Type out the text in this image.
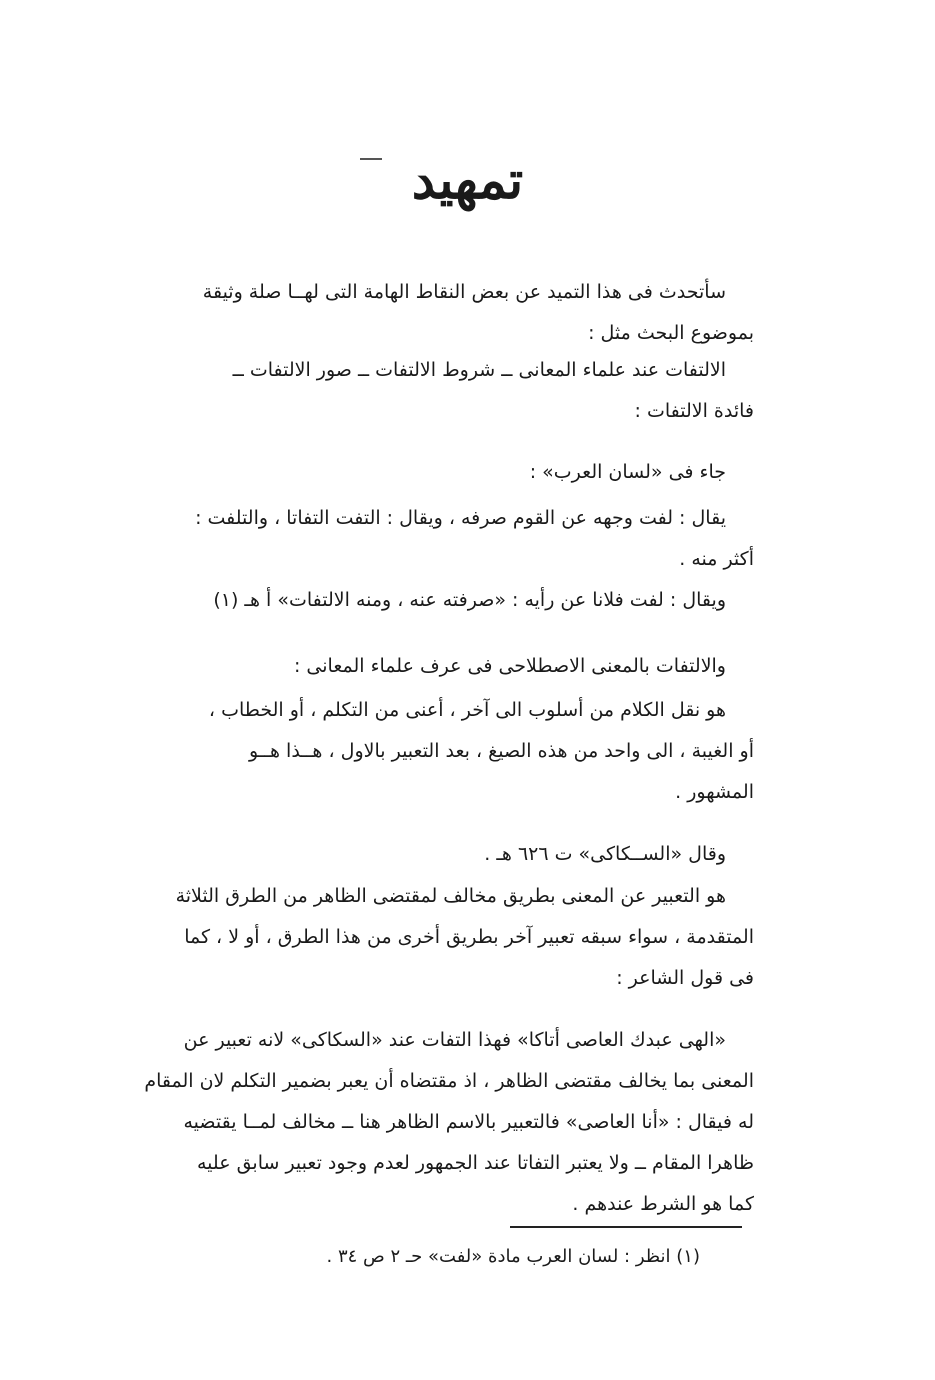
تمهيد
سأتحدث فى هذا التميد عن بعض النقاط الهامة التى لهــا صلة وثيقة
بموضوع البحث مثل :
الالتفات عند علماء المعانى ــ شروط الالتفات ــ صور الالتفات ــ
فائدة الالتفات :
جاء فى «لسان العرب» :
يقال : لفت وجهه عن القوم صرفه ، ويقال : التفت التفاتا ، والتلفت :
أكثر منه .
ويقال : لفت فلانا عن رأيه : «صرفته عنه ، ومنه الالتفات» أ هـ (١)
والالتفات بالمعنى الاصطلاحى فى عرف علماء المعانى :
هو نقل الكلام من أسلوب الى آخر ، أعنى من التكلم ، أو الخطاب ،
أو الغيبة ، الى واحد من هذه الصيغ ، بعد التعبير بالاول ، هــذا هــو
المشهور .
وقال «الســكاكى» ت ٦٢٦ هـ .
هو التعبير عن المعنى بطريق مخالف لمقتضى الظاهر من الطرق الثلاثة
المتقدمة ، سواء سبقه تعبير آخر بطريق أخرى من هذا الطرق ، أو لا ، كما
فى قول الشاعر :
«الهى عبدك العاصى أتاكا» فهذا التفات عند «السكاكى» لانه تعبير عن
المعنى بما يخالف مقتضى الظاهر ، اذ مقتضاه أن يعبر بضمير التكلم لان المقام
له فيقال : «أنا العاصى» فالتعبير بالاسم الظاهر هنا ــ مخالف لمــا يقتضيه
ظاهرا المقام ــ ولا يعتبر التفاتا عند الجمهور لعدم وجود تعبير سابق عليه
كما هو الشرط عندهم .
(١) انظر : لسان العرب مادة «لفت» حـ ٢ ص ٣٤ .
